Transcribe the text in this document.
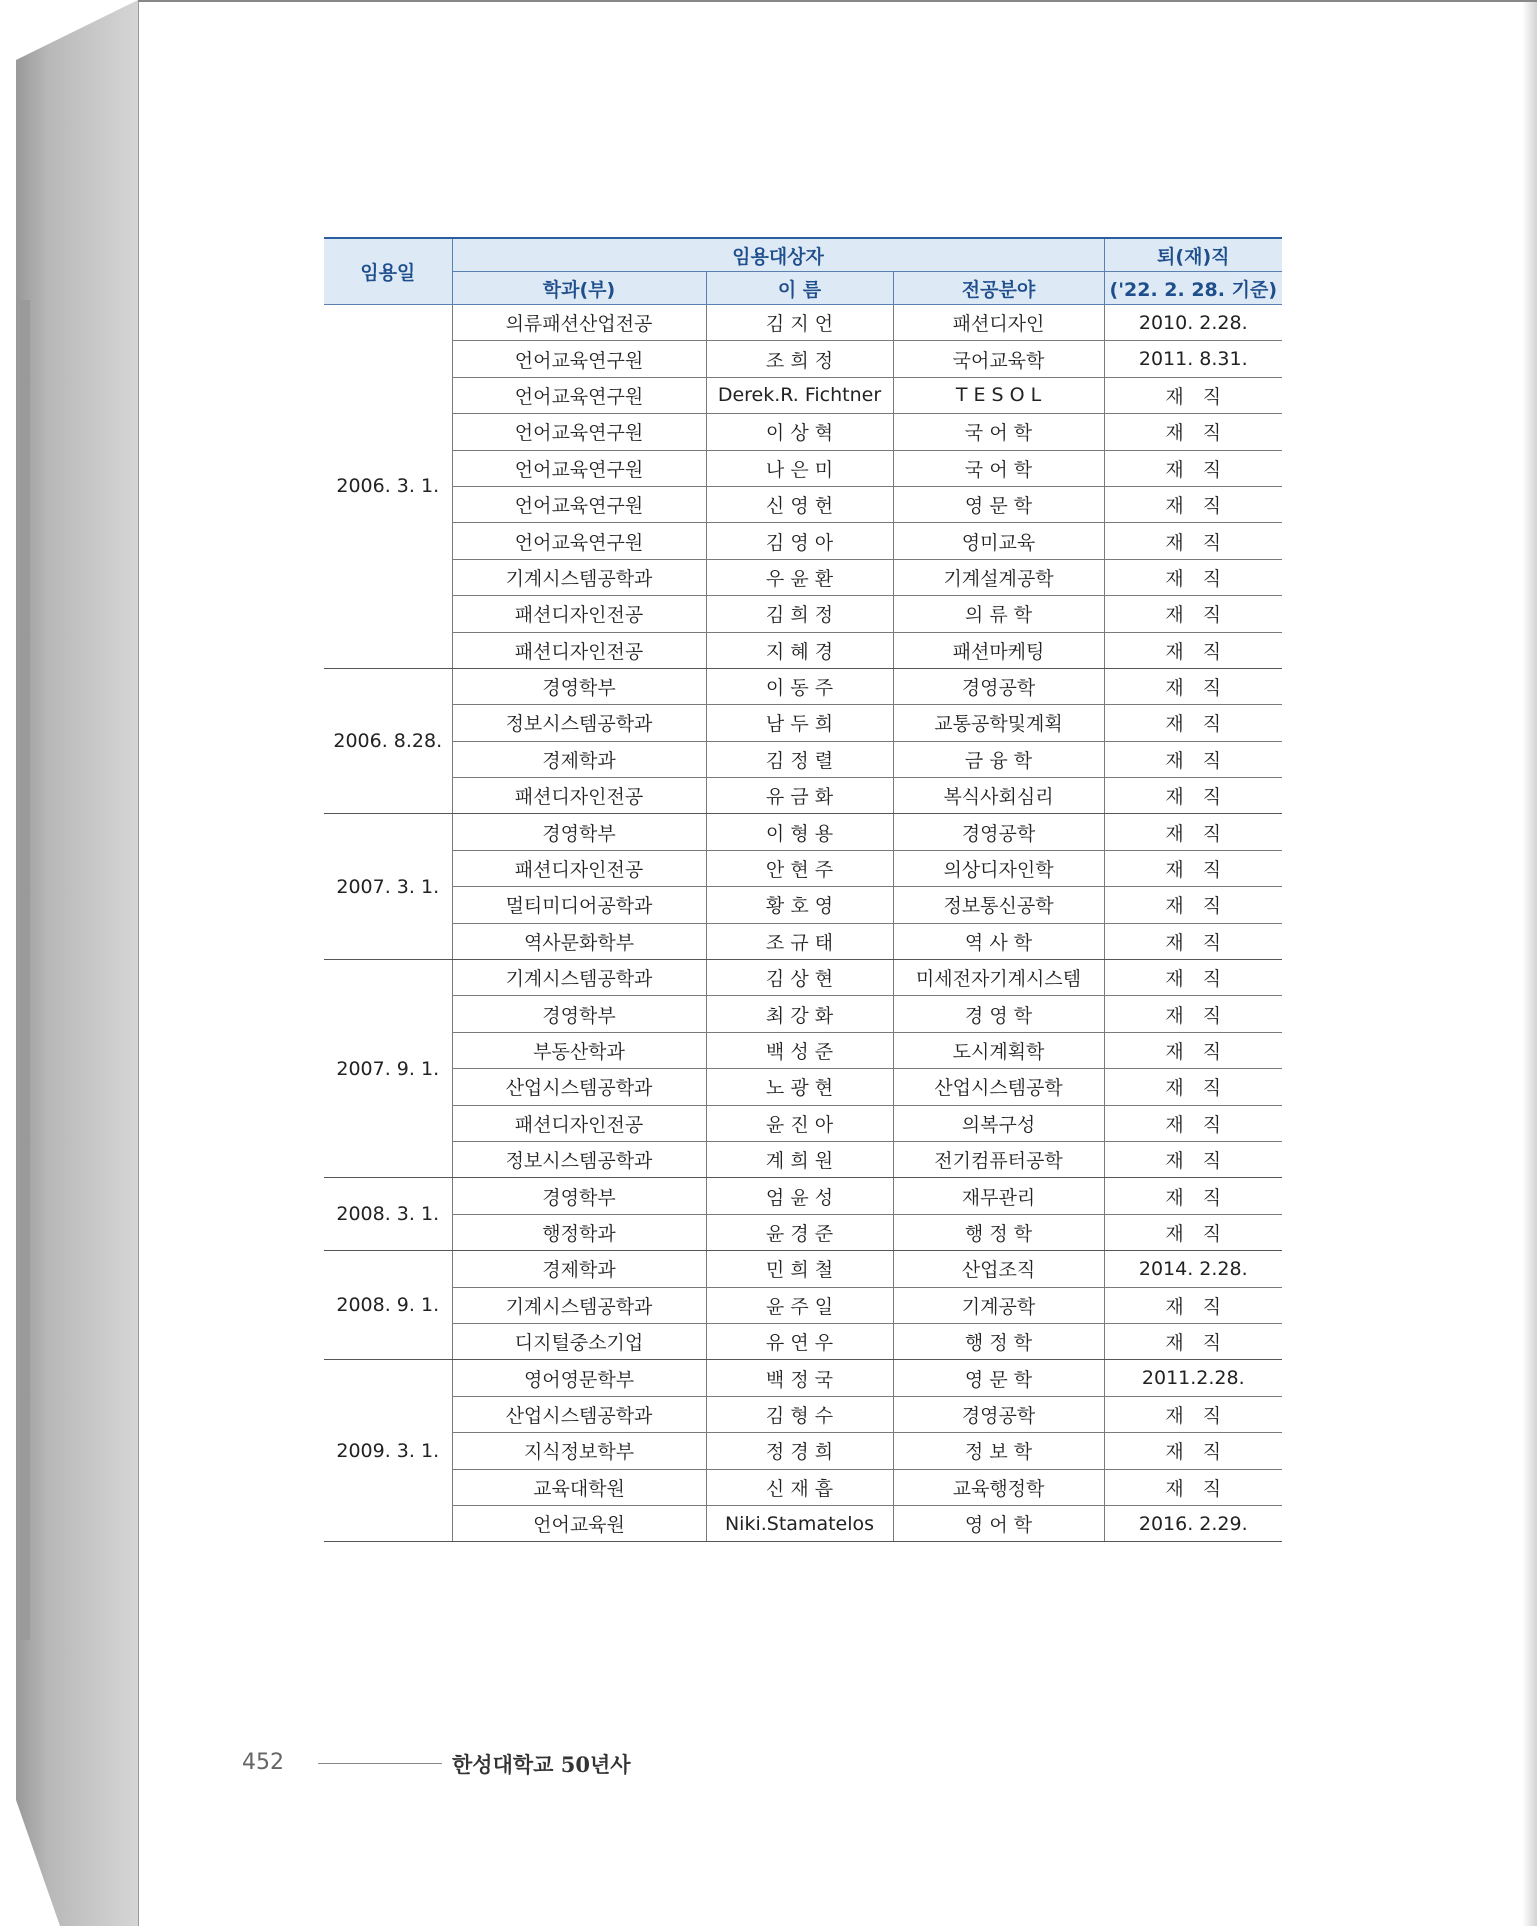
임용일	임용대상자			퇴(재)직
	학과(부)	이 름	전공분야	('22. 2. 28. 기준)
2006. 3. 1.	의류패션산업전공	김 지 언	패션디자인	2010. 2.28.
	언어교육연구원	조 희 정	국어교육학	2011. 8.31.
	언어교육연구원	Derek.R. Fichtner	T E S O L	재　직
	언어교육연구원	이 상 혁	국 어 학	재　직
	언어교육연구원	나 은 미	국 어 학	재　직
	언어교육연구원	신 영 헌	영 문 학	재　직
	언어교육연구원	김 영 아	영미교육	재　직
	기계시스템공학과	우 윤 환	기계설계공학	재　직
	패션디자인전공	김 희 정	의 류 학	재　직
	패션디자인전공	지 혜 경	패션마케팅	재　직
2006. 8.28.	경영학부	이 동 주	경영공학	재　직
	정보시스템공학과	남 두 희	교통공학및계획	재　직
	경제학과	김 정 렬	금 융 학	재　직
	패션디자인전공	유 금 화	복식사회심리	재　직
2007. 3. 1.	경영학부	이 형 용	경영공학	재　직
	패션디자인전공	안 현 주	의상디자인학	재　직
	멀티미디어공학과	황 호 영	정보통신공학	재　직
	역사문화학부	조 규 태	역 사 학	재　직
2007. 9. 1.	기계시스템공학과	김 상 현	미세전자기계시스템	재　직
	경영학부	최 강 화	경 영 학	재　직
	부동산학과	백 성 준	도시계획학	재　직
	산업시스템공학과	노 광 현	산업시스템공학	재　직
	패션디자인전공	윤 진 아	의복구성	재　직
	정보시스템공학과	계 희 원	전기컴퓨터공학	재　직
2008. 3. 1.	경영학부	엄 윤 성	재무관리	재　직
	행정학과	윤 경 준	행 정 학	재　직
2008. 9. 1.	경제학과	민 희 철	산업조직	2014. 2.28.
	기계시스템공학과	윤 주 일	기계공학	재　직
	디지털중소기업	유 연 우	행 정 학	재　직
2009. 3. 1.	영어영문학부	백 정 국	영 문 학	2011.2.28.
	산업시스템공학과	김 형 수	경영공학	재　직
	지식정보학부	정 경 희	정 보 학	재　직
	교육대학원	신 재 흡	교육행정학	재　직
	언어교육원	Niki.Stamatelos	영 어 학	2016. 2.29.
452	한성대학교 50년사
